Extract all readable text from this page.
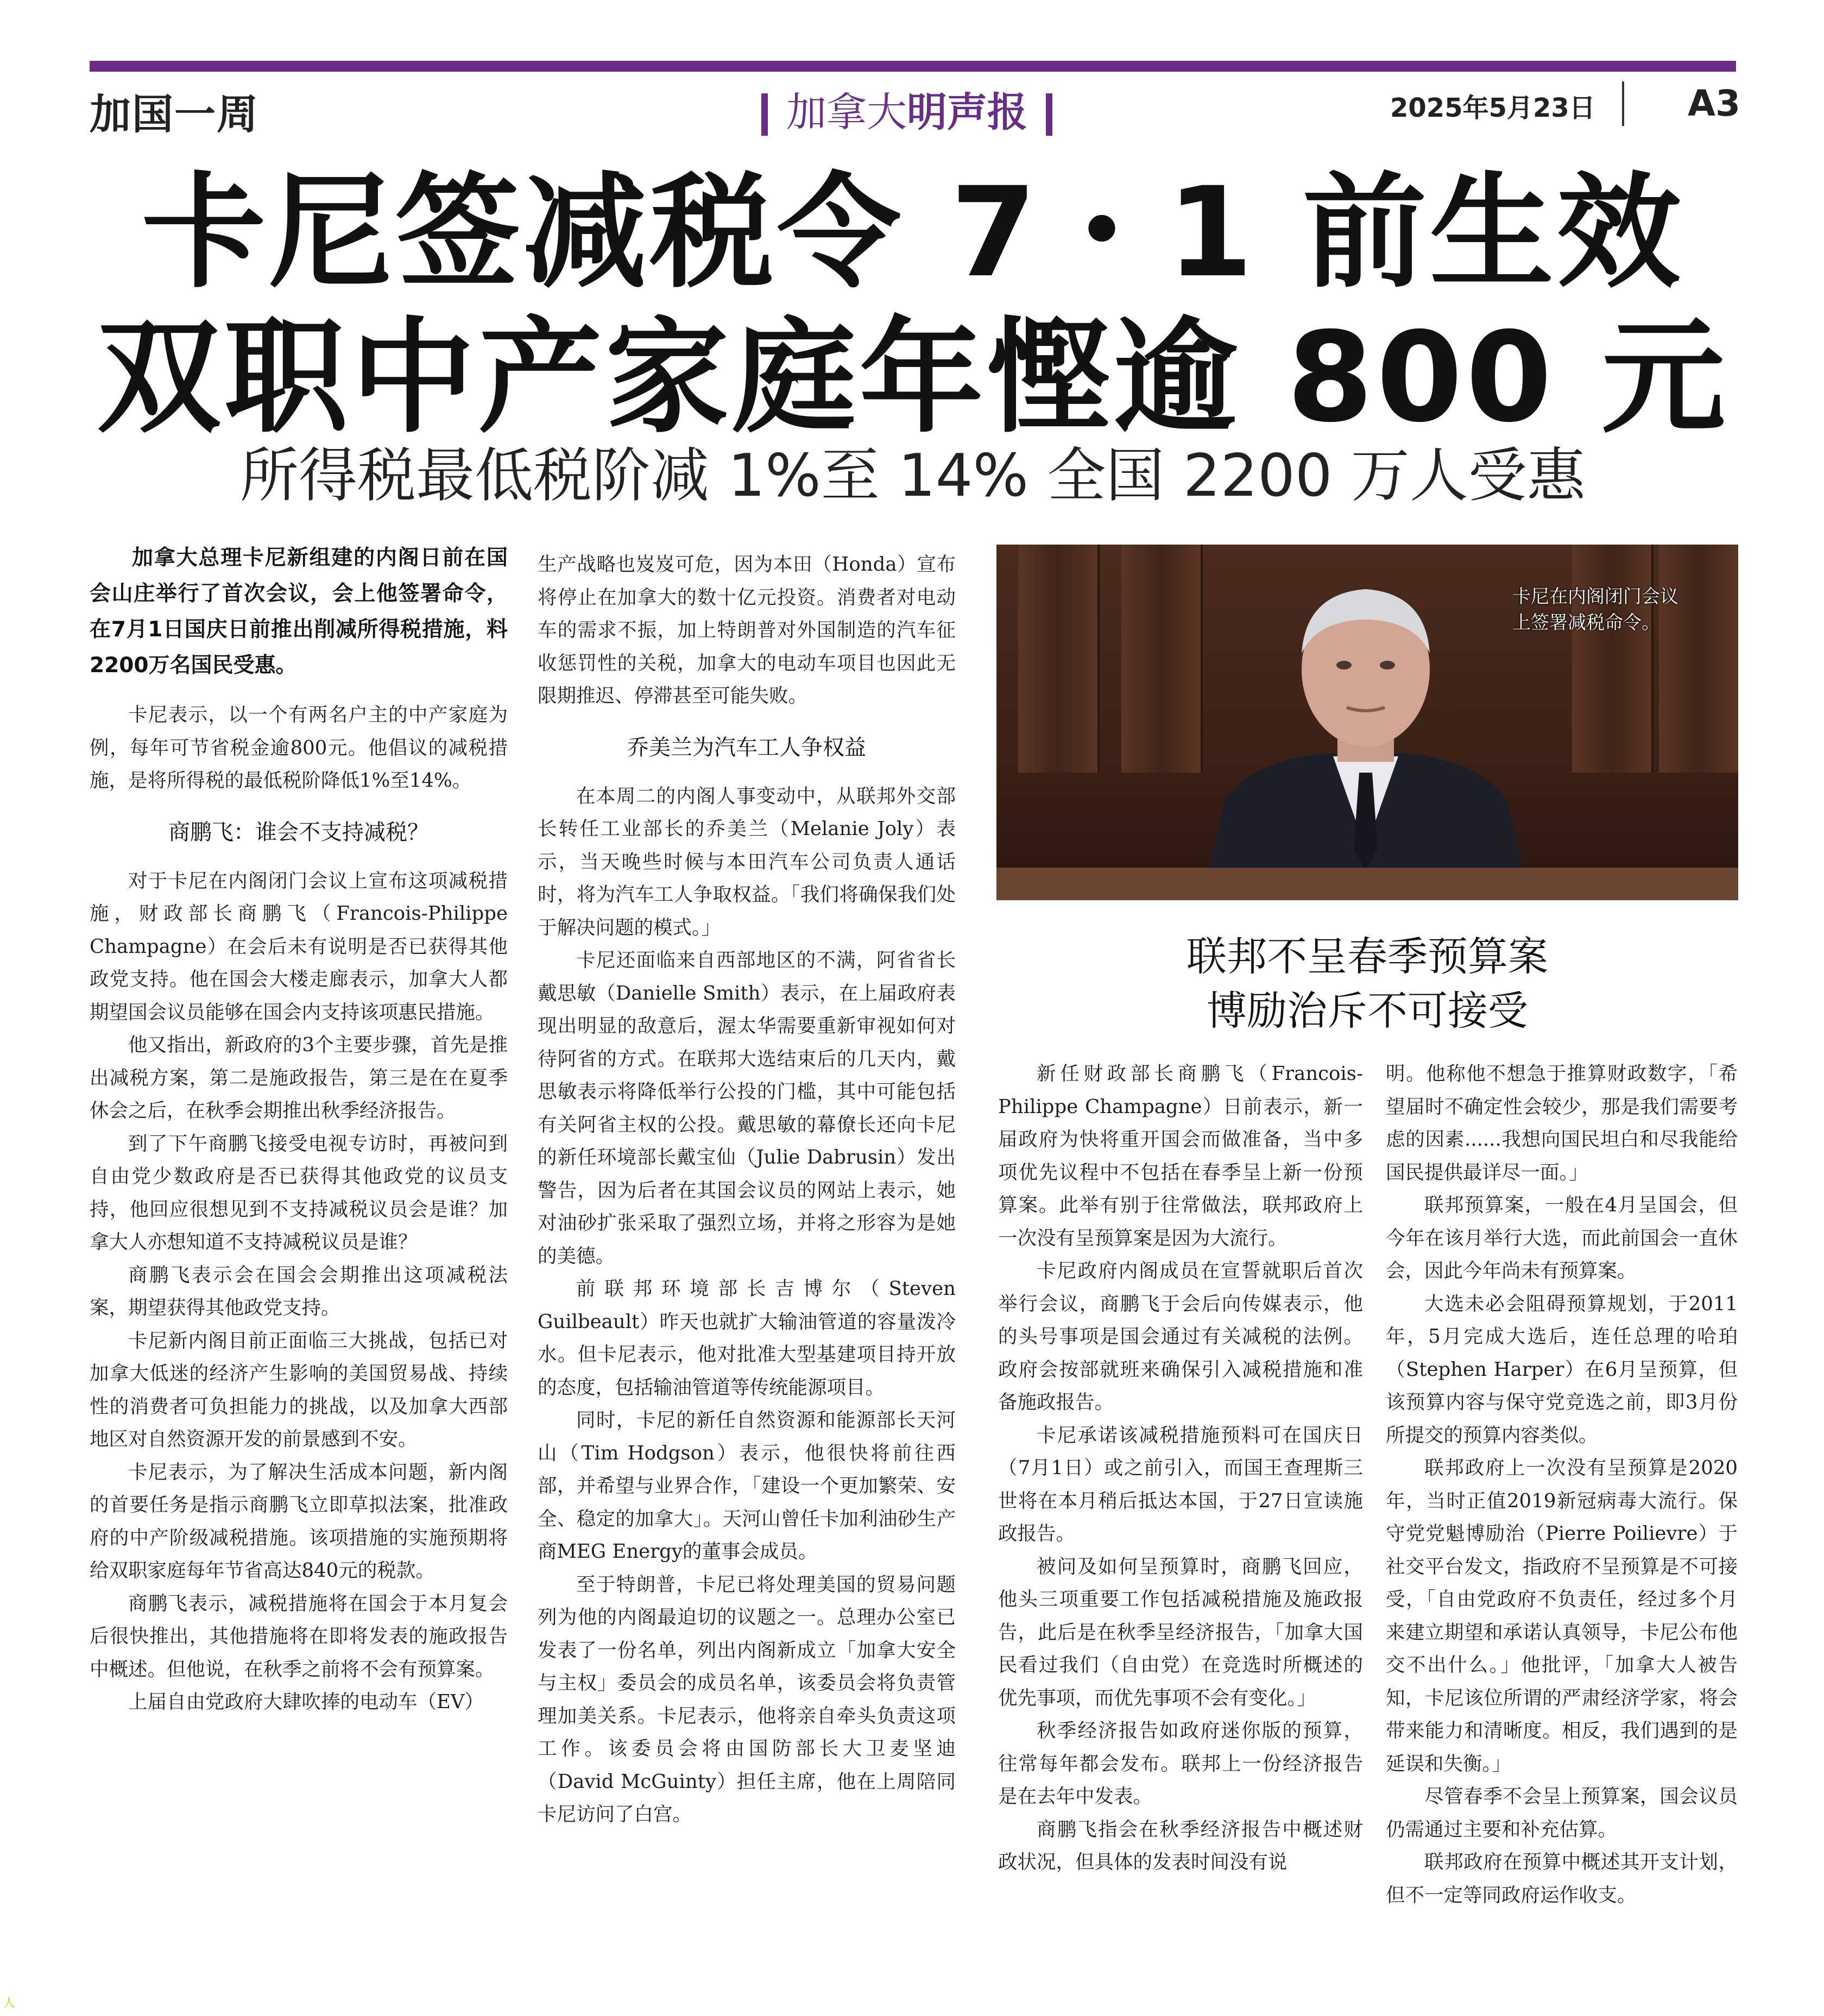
加国一周	加拿大明声报	2025年5月23日	A3
卡尼签减税令 7・1 前生效
双职中产家庭年慳逾 800 元
所得税最低税阶减 1%至 14% 全国 2200 万人受惠

加拿大总理卡尼新组建的内阁日前在国会山庄举行了首次会议，会上他签署命令，在7月1日国庆日前推出削减所得税措施，料2200万名国民受惠。

卡尼表示，以一个有两名户主的中产家庭为例，每年可节省税金逾800元。他倡议的减税措施，是将所得税的最低税阶降低1%至14%。

商鹏飞：谁会不支持减税？

对于卡尼在内阁闭门会议上宣布这项减税措施，财政部长商鹏飞（Francois-Philippe Champagne）在会后未有说明是否已获得其他政党支持。他在国会大楼走廊表示，加拿大人都期望国会议员能够在国会内支持该项惠民措施。

他又指出，新政府的3个主要步骤，首先是推出减税方案，第二是施政报告，第三是在在夏季休会之后，在秋季会期推出秋季经济报告。

到了下午商鹏飞接受电视专访时，再被问到自由党少数政府是否已获得其他政党的议员支持，他回应很想见到不支持减税议员会是谁？加拿大人亦想知道不支持减税议员是谁？

商鹏飞表示会在国会会期推出这项减税法案，期望获得其他政党支持。

卡尼新内阁目前正面临三大挑战，包括已对加拿大低迷的经济产生影响的美国贸易战、持续性的消费者可负担能力的挑战，以及加拿大西部地区对自然资源开发的前景感到不安。

卡尼表示，为了解决生活成本问题，新内阁的首要任务是指示商鹏飞立即草拟法案，批准政府的中产阶级减税措施。该项措施的实施预期将给双职家庭每年节省高达840元的税款。

商鹏飞表示，减税措施将在国会于本月复会后很快推出，其他措施将在即将发表的施政报告中概述。但他说，在秋季之前将不会有预算案。

上届自由党政府大肆吹捧的电动车（EV）

生产战略也岌岌可危，因为本田（Honda）宣布将停止在加拿大的数十亿元投资。消费者对电动车的需求不振，加上特朗普对外国制造的汽车征收惩罚性的关税，加拿大的电动车项目也因此无限期推迟、停滞甚至可能失败。

乔美兰为汽车工人争权益

在本周二的内阁人事变动中，从联邦外交部长转任工业部长的乔美兰（Melanie Joly）表示，当天晚些时候与本田汽车公司负责人通话时，将为汽车工人争取权益。「我们将确保我们处于解决问题的模式。」

卡尼还面临来自西部地区的不满，阿省省长戴思敏（Danielle Smith）表示，在上届政府表现出明显的敌意后，渥太华需要重新审视如何对待阿省的方式。在联邦大选结束后的几天内，戴思敏表示将降低举行公投的门槛，其中可能包括有关阿省主权的公投。戴思敏的幕僚长还向卡尼的新任环境部长戴宝仙（Julie Dabrusin）发出警告，因为后者在其国会议员的网站上表示，她对油砂扩张采取了强烈立场，并将之形容为是她的美德。

前联邦环境部长吉博尔（Steven Guilbeault）昨天也就扩大输油管道的容量泼冷水。但卡尼表示，他对批准大型基建项目持开放的态度，包括输油管道等传统能源项目。

同时，卡尼的新任自然资源和能源部长天河山（Tim Hodgson）表示，他很快将前往西部，并希望与业界合作，「建设一个更加繁荣、安全、稳定的加拿大」。天河山曾任卡加利油砂生产商MEG Energy的董事会成员。

至于特朗普，卡尼已将处理美国的贸易问题列为他的内阁最迫切的议题之一。总理办公室已发表了一份名单，列出内阁新成立「加拿大安全与主权」委员会的成员名单，该委员会将负责管理加美关系。卡尼表示，他将亲自牵头负责这项工作。该委员会将由国防部长大卫麦坚迪（David McGuinty）担任主席，他在上周陪同卡尼访问了白宫。

卡尼在内阁闭门会议
上签署减税命令。
联邦不呈春季预算案
博励治斥不可接受

新任财政部长商鹏飞（Francois-Philippe Champagne）日前表示，新一届政府为快将重开国会而做准备，当中多项优先议程中不包括在春季呈上新一份预算案。此举有别于往常做法，联邦政府上一次没有呈预算案是因为大流行。

卡尼政府内阁成员在宣誓就职后首次举行会议，商鹏飞于会后向传媒表示，他的头号事项是国会通过有关减税的法例。政府会按部就班来确保引入减税措施和准备施政报告。

卡尼承诺该减税措施预料可在国庆日（7月1日）或之前引入，而国王查理斯三世将在本月稍后抵达本国，于27日宣读施政报告。

被问及如何呈预算时，商鹏飞回应，他头三项重要工作包括减税措施及施政报告，此后是在秋季呈经济报告，「加拿大国民看过我们（自由党）在竞选时所概述的优先事项，而优先事项不会有变化。」

秋季经济报告如政府迷你版的预算，往常每年都会发布。联邦上一份经济报告是在去年中发表。

商鹏飞指会在秋季经济报告中概述财政状况，但具体的发表时间没有说

明。他称他不想急于推算财政数字，「希望届时不确定性会较少，那是我们需要考虑的因素......我想向国民坦白和尽我能给国民提供最详尽一面。」

联邦预算案，一般在4月呈国会，但今年在该月举行大选，而此前国会一直休会，因此今年尚未有预算案。

大选未必会阻碍预算规划，于2011年，5月完成大选后，连任总理的哈珀（Stephen Harper）在6月呈预算，但该预算内容与保守党竞选之前，即3月份所提交的预算内容类似。

联邦政府上一次没有呈预算是2020年，当时正值2019新冠病毒大流行。保守党党魁博励治（Pierre Poilievre）于社交平台发文，指政府不呈预算是不可接受，「自由党政府不负责任，经过多个月来建立期望和承诺认真领导，卡尼公布他交不出什么。」他批评，「加拿大人被告知，卡尼该位所谓的严肃经济学家，将会带来能力和清晰度。相反，我们遇到的是延误和失衡。」

尽管春季不会呈上预算案，国会议员仍需通过主要和补充估算。

联邦政府在预算中概述其开支计划，但不一定等同政府运作收支。

人
